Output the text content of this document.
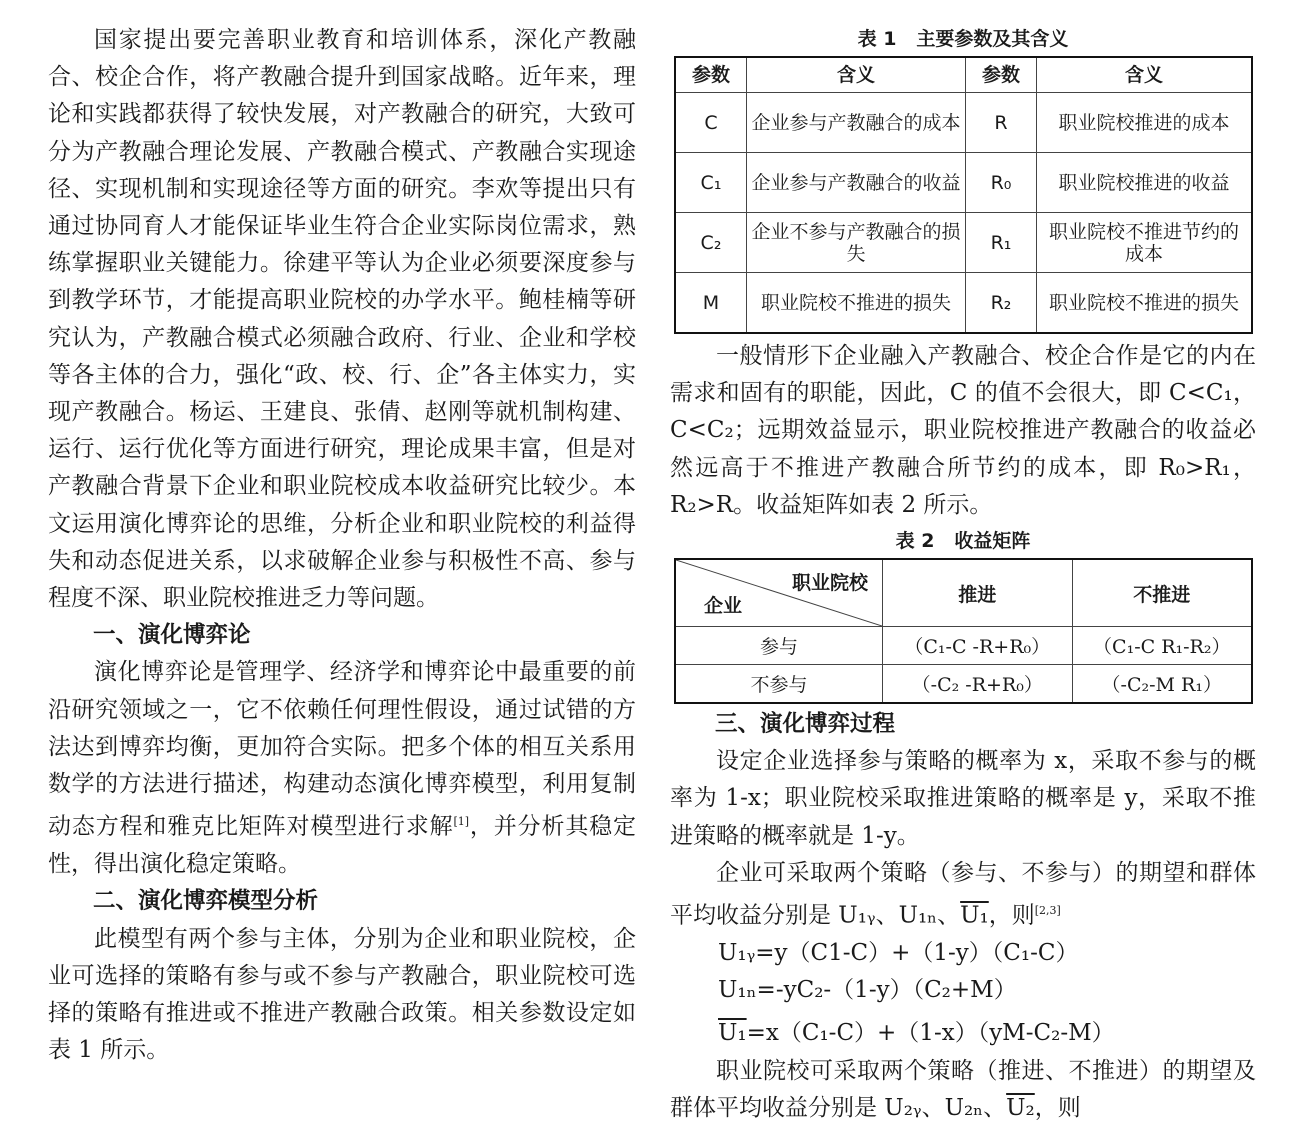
国家提出要完善职业教育和培训体系，深化产教融合、校企合作，将产教融合提升到国家战略。近年来，理论和实践都获得了较快发展，对产教融合的研究，大致可分为产教融合理论发展、产教融合模式、产教融合实现途径、实现机制和实现途径等方面的研究。李欢等提出只有通过协同育人才能保证毕业生符合企业实际岗位需求，熟练掌握职业关键能力。徐建平等认为企业必须要深度参与到教学环节，才能提高职业院校的办学水平。鲍桂楠等研究认为，产教融合模式必须融合政府、行业、企业和学校等各主体的合力，强化“政、校、行、企”各主体实力，实现产教融合。杨运、王建良、张倩、赵刚等就机制构建、运行、运行优化等方面进行研究，理论成果丰富，但是对产教融合背景下企业和职业院校成本收益研究比较少。本文运用演化博弈论的思维，分析企业和职业院校的利益得失和动态促进关系，以求破解企业参与积极性不高、参与程度不深、职业院校推进乏力等问题。

一、演化博弈论

演化博弈论是管理学、经济学和博弈论中最重要的前沿研究领域之一，它不依赖任何理性假设，通过试错的方法达到博弈均衡，更加符合实际。把多个体的相互关系用数学的方法进行描述，构建动态演化博弈模型，利用复制动态方程和雅克比矩阵对模型进行求解[1]，并分析其稳定性，得出演化稳定策略。

二、演化博弈模型分析

此模型有两个参与主体，分别为企业和职业院校，企业可选择的策略有参与或不参与产教融合，职业院校可选择的策略有推进或不推进产教融合政策。相关参数设定如表 1 所示。

表 1   主要参数及其含义

参数	含义	参数	含义
C	企业参与产教融合的成本	R	职业院校推进的成本
C₁	企业参与产教融合的收益	R₀	职业院校推进的收益
C₂	企业不参与产教融合的损失	R₁	职业院校不推进节约的成本
M	职业院校不推进的损失	R₂	职业院校不推进的损失

一般情形下企业融入产教融合、校企合作是它的内在需求和固有的职能，因此，C 的值不会很大，即 C<C₁，C<C₂；远期效益显示，职业院校推进产教融合的收益必然远高于不推进产教融合所节约的成本，即 R₀>R₁，R₂>R。收益矩阵如表 2 所示。

表 2   收益矩阵

职业院校
企业	推进	不推进
参与	（C₁-C -R+R₀）	（C₁-C R₁-R₂）
不参与	（-C₂ -R+R₀）	（-C₂-M R₁）
三、演化博弈过程

设定企业选择参与策略的概率为 x，采取不参与的概率为 1-x；职业院校采取推进策略的概率是 y，采取不推进策略的概率就是 1-y。

企业可采取两个策略（参与、不参与）的期望和群体平均收益分别是 U₁ᵧ、U₁ₙ、U₁，则[2,3]

U₁ᵧ=y（C1-C）+（1-y）（C₁-C）

U₁ₙ=-yC₂-（1-y）（C₂+M）

U₁=x（C₁-C）+（1-x）（yM-C₂-M）

职业院校可采取两个策略（推进、不推进）的期望及群体平均收益分别是 U₂ᵧ、U₂ₙ、U₂，则
